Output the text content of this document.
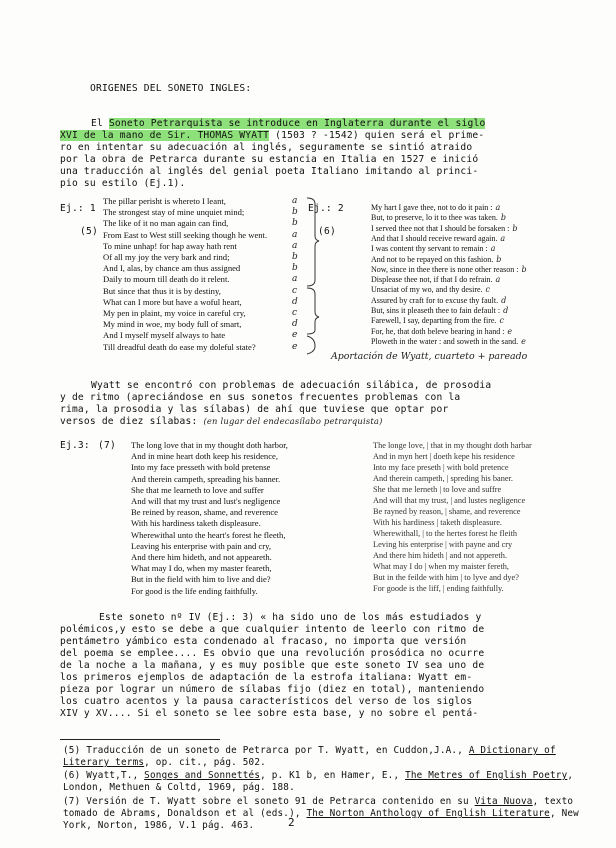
ORIGENES DEL SONETO INGLES:
El Soneto Petrarquista se introduce en Inglaterra durante el siglo
XVI de la mano de Sir. THOMAS WYATT (1503 ? -1542) quien será el prime-
ro en intentar su adecuación al inglés, seguramente se sintió atraido
por la obra de Petrarca durante su estancia en Italia en 1527 e inició
una traducción al inglés del genial poeta Italiano imitando al princi-
pio su estilo (Ej.1).
Ej.: 1
(5)
The pillar perisht is whereto I leant,
The strongest stay of mine unquiet mind;
The like of it no man again can find,
From East to West still seeking though he went.
To mine unhap! for hap away hath rent
Of all my joy the very bark and rind;
And I, alas, by chance am thus assigned
Daily to mourn till death do it relent.
But since that thus it is by destiny,
What can I more but have a woful heart,
My pen in plaint, my voice in careful cry,
My mind in woe, my body full of smart,
And I myself myself always to hate
Till dreadful death do ease my doleful state?
a
b
b
a
a
b
b
a
c
d
c
d
e
e
Ej.: 2
(6)
My hart I gave thee, not to do it pain : a
But, to preserve, lo it to thee was taken. b
I served thee not that I should be forsaken : b
And that I should receive reward again. a
I was content thy servant to remain : a
And not to be repayed on this fashion. b
Now, since in thee there is none other reason : b
Displease thee not, if that I do refrain. a
Unsaciat of my wo, and thy desire. c
Assured by craft for to excuse thy fault. d
But, sins it pleaseth thee to fain default : d
Farewell, I say, departing from the fire. c
For, he, that doth beleve bearing in hand : e
Ploweth in the water : and soweth in the sand. e
Aportación de Wyatt, cuarteto + pareado
Wyatt se encontró con problemas de adecuación silábica, de prosodia
y de ritmo (apreciándose en sus sonetos frecuentes problemas con la
rima, la prosodia y las sílabas) de ahí que tuviese que optar por
versos de diez sílabas: (en lugar del endecasílabo petrarquista)
Ej.3: (7) The long love that in my thought doth harbor,
And in mine heart doth keep his residence,
Into my face presseth with bold pretense
And therein campeth, spreading his banner.
She that me learneth to love and suffer
And will that my trust and lust's negligence
Be reined by reason, shame, and reverence
With his hardiness taketh displeasure.
Wherewithal unto the heart's forest he fleeth,
Leaving his enterprise with pain and cry,
And there him hideth, and not appeareth.
What may I do, when my master feareth,
But in the field with him to live and die?
For good is the life ending faithfully.
The longe love, | that in my thought doth harbar
And in myn hert | doeth kepe his residence
Into my face preseth | with bold pretence
And therein campeth, | spreding his baner.
She that me lerneth | to love and suffre
And will that my trust, | and lustes negligence
Be rayned by reason, | shame, and reverence
With his hardiness | taketh displeasure.
Wherewithall, | to the hertes forest he fleith
Leving his enterprise | with payne and cry
And there him hideth | and not appereth.
What may I do | when my maister fereth,
But in the feilde with him | to lyve and dye?
For goode is the liff, | ending faithfully.
Este soneto nº IV (Ej.: 3) « ha sido uno de los más estudiados y
polémicos,y esto se debe a que cualquier intento de leerlo con ritmo de
pentámetro yámbico esta condenado al fracaso, no importa que versión
del poema se emplee.... Es obvio que una revolución prosódica no ocurre
de la noche a la mañana, y es muy posible que este soneto IV sea uno de
los primeros ejemplos de adaptación de la estrofa italiana: Wyatt em-
pieza por lograr un número de sílabas fijo (diez en total), manteniendo
los cuatro acentos y la pausa característicos del verso de los siglos
XIV y XV.... Si el soneto se lee sobre esta base, y no sobre el pentá-
(5) Traducción de un soneto de Petrarca por T. Wyatt, en Cuddon,J.A., A Dictionary of Literary terms, op. cit., pág. 502.
(6) Wyatt,T., Songes and Sonnettés, p. K1 b, en Hamer, E., The Metres of English Poetry, London, Methuen & Coltd, 1969, pág. 188.
(7) Versión de T. Wyatt sobre el soneto 91 de Petrarca contenido en su Vita Nuova, texto tomado de Abrams, Donaldson et al (eds.), The Norton Anthology of English Literature, New York, Norton, 1986, V.1 pág. 463.	2
